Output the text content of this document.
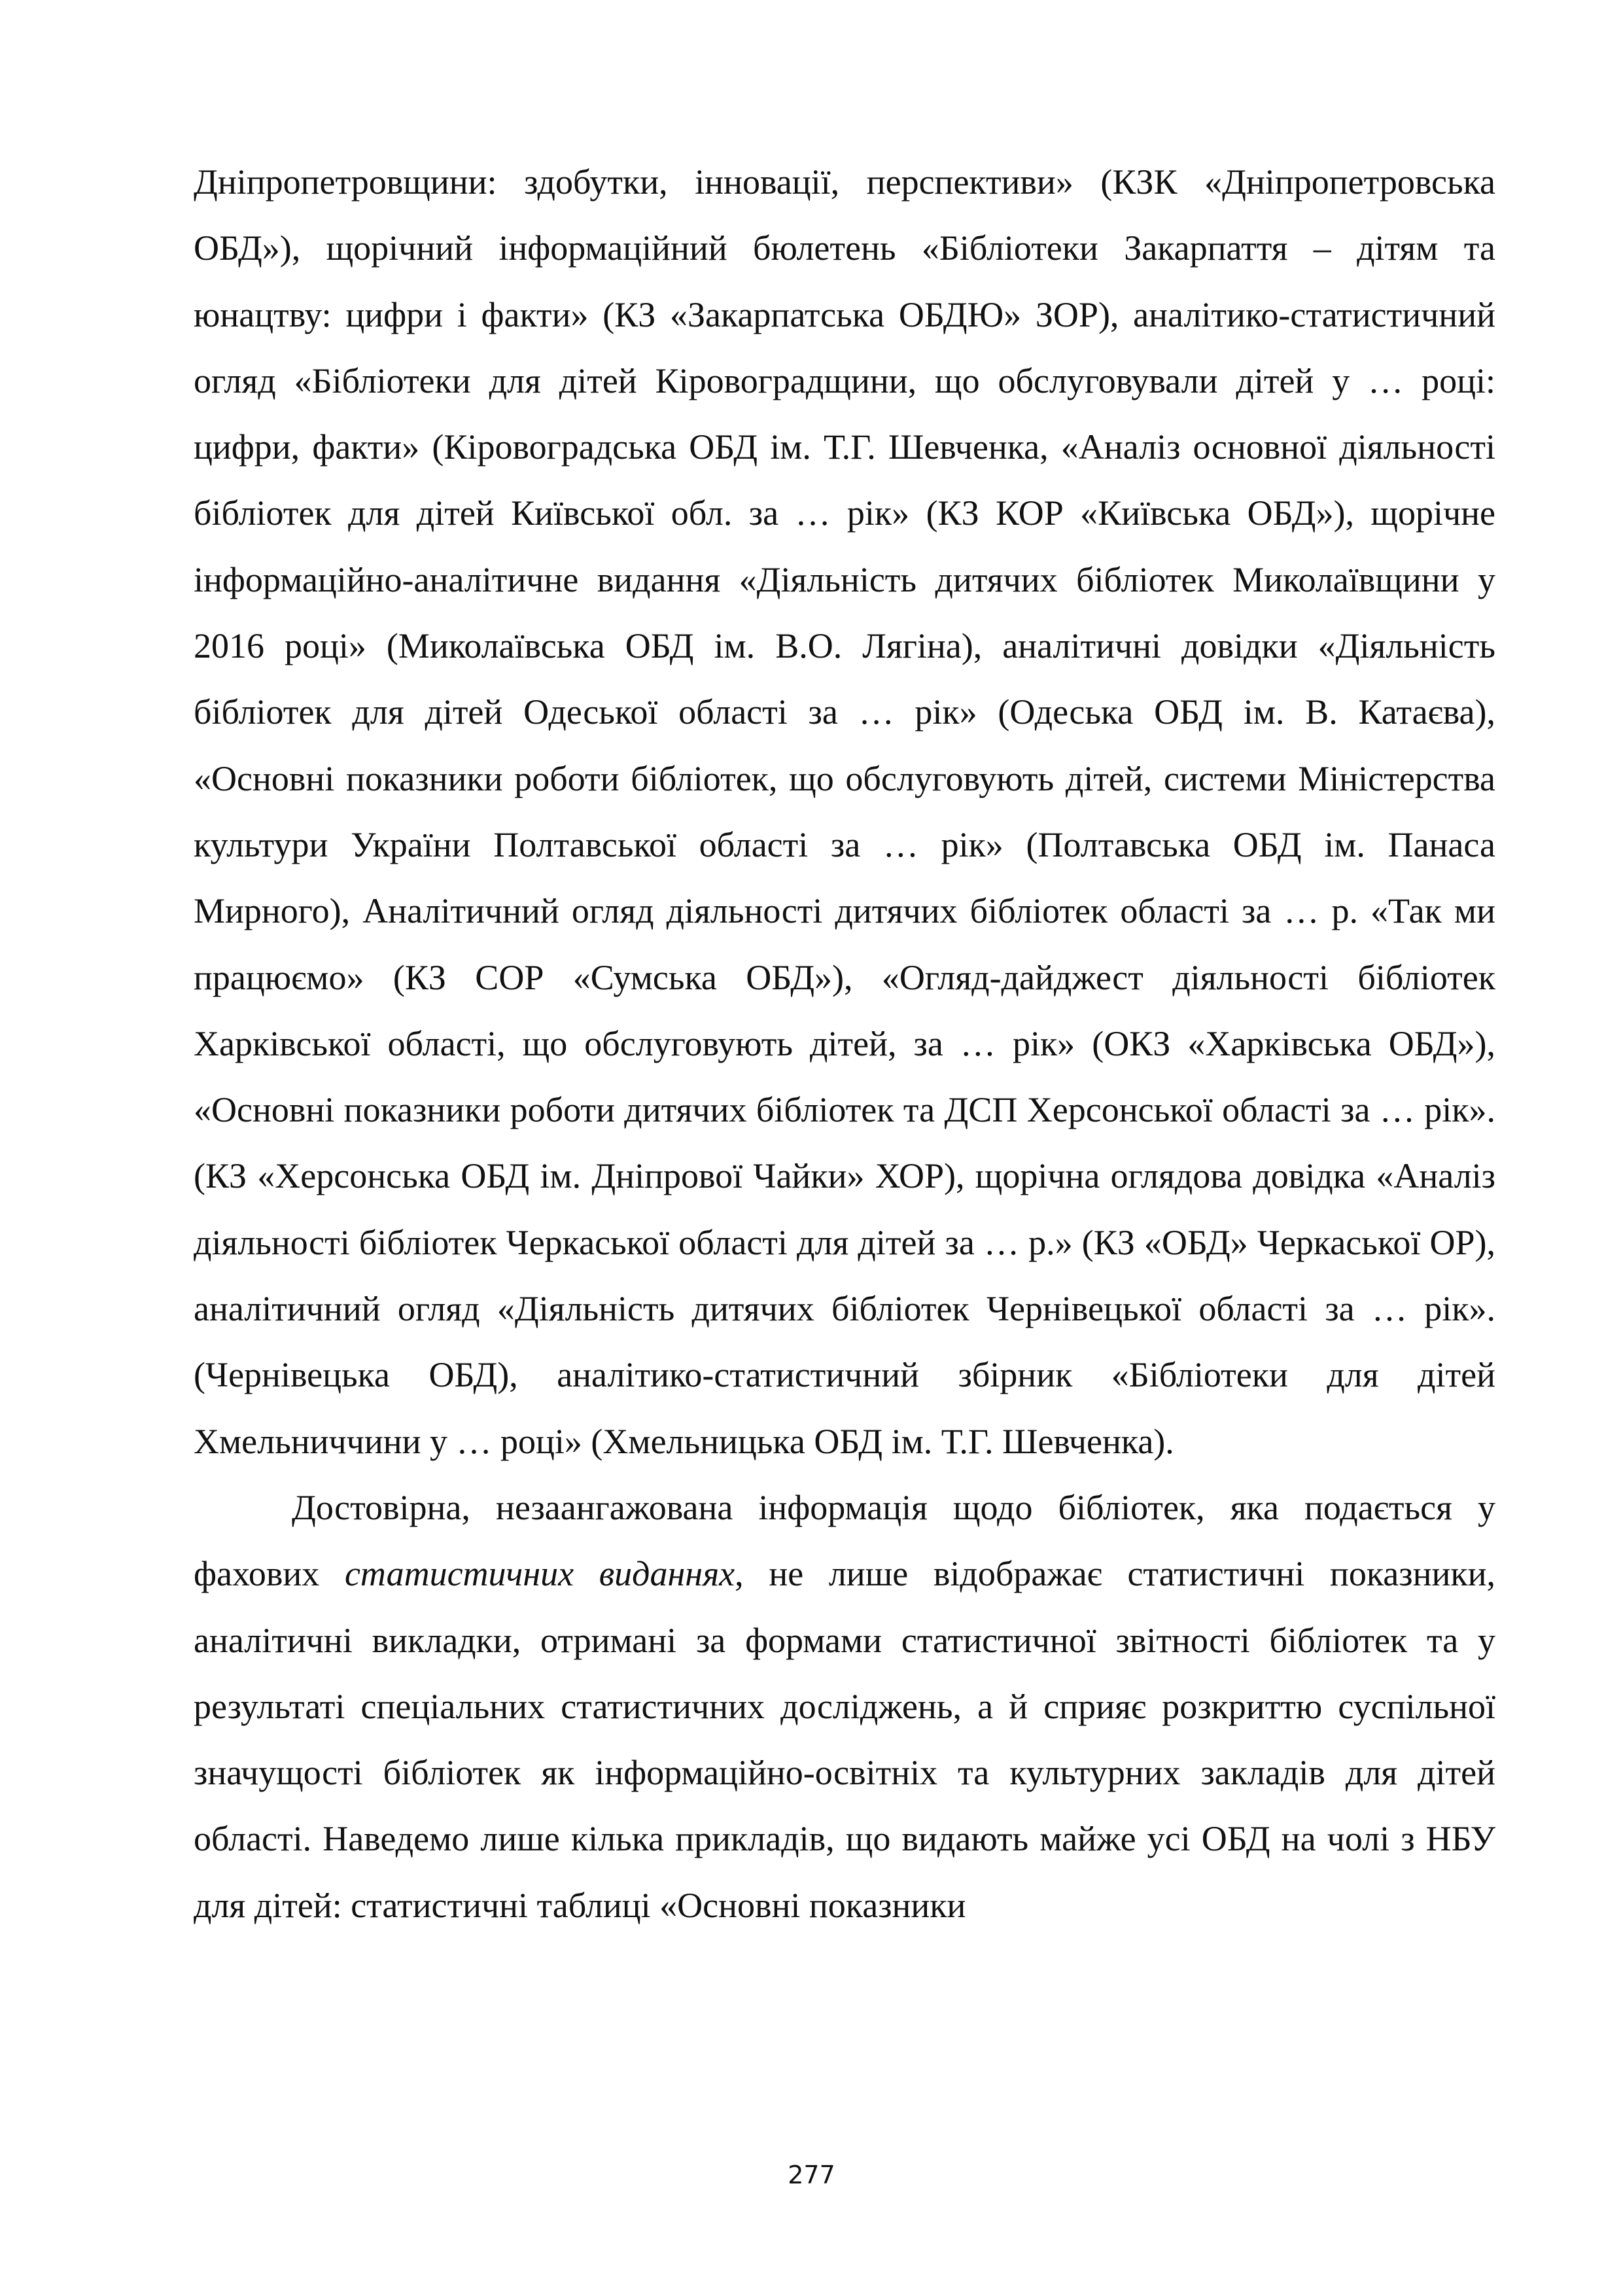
Дніпропетровщини: здобутки, інновації, перспективи» (КЗК «Дніпропетровська ОБД»), щорічний інформаційний бюлетень «Бібліотеки Закарпаття – дітям та юнацтву: цифри і факти» (КЗ «Закарпатська ОБДЮ» ЗОР), аналітико-статистичний огляд «Бібліотеки для дітей Кіровоградщини, що обслуговували дітей у … році: цифри, факти» (Кіровоградська ОБД ім. Т.Г. Шевченка, «Аналіз основної діяльності бібліотек для дітей Київської обл. за … рік» (КЗ КОР «Київська ОБД»), щорічне інформаційно-аналітичне видання «Діяльність дитячих бібліотек Миколаївщини у 2016 році» (Миколаївська ОБД ім. В.О. Лягіна), аналітичні довідки «Діяльність бібліотек для дітей Одеської області за … рік» (Одеська ОБД ім. В. Катаєва), «Основні показники роботи бібліотек, що обслуговують дітей, системи Міністерства культури України Полтавської області за … рік» (Полтавська ОБД ім. Панаса Мирного), Аналітичний огляд діяльності дитячих бібліотек області за … р. «Так ми працюємо» (КЗ СОР «Сумська ОБД»), «Огляд-дайджест діяльності бібліотек Харківської області, що обслуговують дітей, за … рік» (ОКЗ «Харківська ОБД»), «Основні показники роботи дитячих бібліотек та ДСП Херсонської області за … рік». (КЗ «Херсонська ОБД ім. Дніпрової Чайки» ХОР), щорічна оглядова довідка «Аналіз діяльності бібліотек Черкаської області для дітей за … р.» (КЗ «ОБД» Черкаської ОР), аналітичний огляд «Діяльність дитячих бібліотек Чернівецької області за … рік». (Чернівецька ОБД), аналітико-статистичний збірник «Бібліотеки для дітей Хмельниччини у … році» (Хмельницька ОБД ім. Т.Г. Шевченка).

Достовірна, незаангажована інформація щодо бібліотек, яка подається у фахових статистичних виданнях, не лише відображає статистичні показники, аналітичні викладки, отримані за формами статистичної звітності бібліотек та у результаті спеціальних статистичних досліджень, а й сприяє розкриттю суспільної значущості бібліотек як інформаційно-освітніх та культурних закладів для дітей області. Наведемо лише кілька прикладів, що видають майже усі ОБД на чолі з НБУ для дітей: статистичні таблиці «Основні показники

277
